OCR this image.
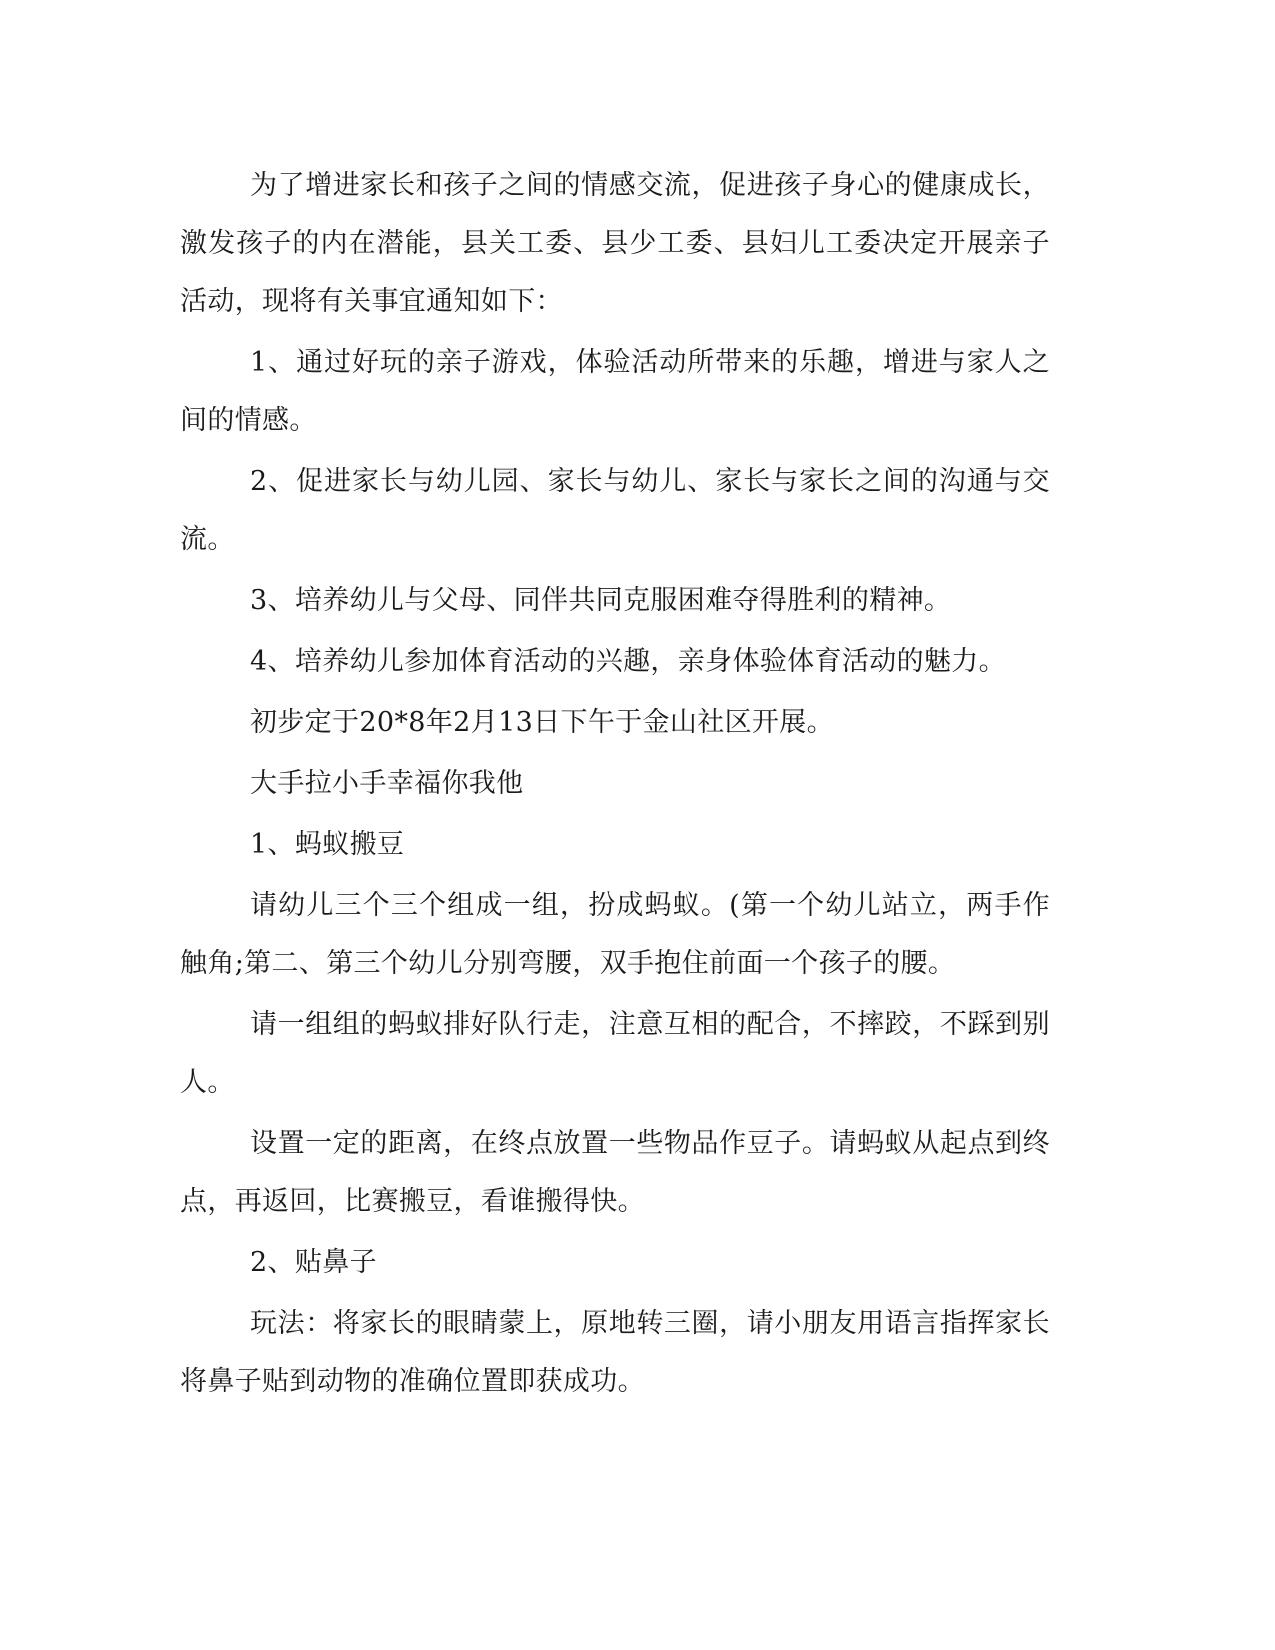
为了增进家长和孩子之间的情感交流，促进孩子身心的健康成长，激发孩子的内在潜能，县关工委、县少工委、县妇儿工委决定开展亲子活动，现将有关事宜通知如下：

1、通过好玩的亲子游戏，体验活动所带来的乐趣，增进与家人之间的情感。

2、促进家长与幼儿园、家长与幼儿、家长与家长之间的沟通与交流。

3、培养幼儿与父母、同伴共同克服困难夺得胜利的精神。

4、培养幼儿参加体育活动的兴趣，亲身体验体育活动的魅力。

初步定于20*8年2月13日下午于金山社区开展。

大手拉小手幸福你我他

1、蚂蚁搬豆

请幼儿三个三个组成一组，扮成蚂蚁。(第一个幼儿站立，两手作触角;第二、第三个幼儿分别弯腰，双手抱住前面一个孩子的腰。

请一组组的蚂蚁排好队行走，注意互相的配合，不摔跤，不踩到别人。

设置一定的距离，在终点放置一些物品作豆子。请蚂蚁从起点到终点，再返回，比赛搬豆，看谁搬得快。

2、贴鼻子

玩法：将家长的眼睛蒙上，原地转三圈，请小朋友用语言指挥家长将鼻子贴到动物的准确位置即获成功。
